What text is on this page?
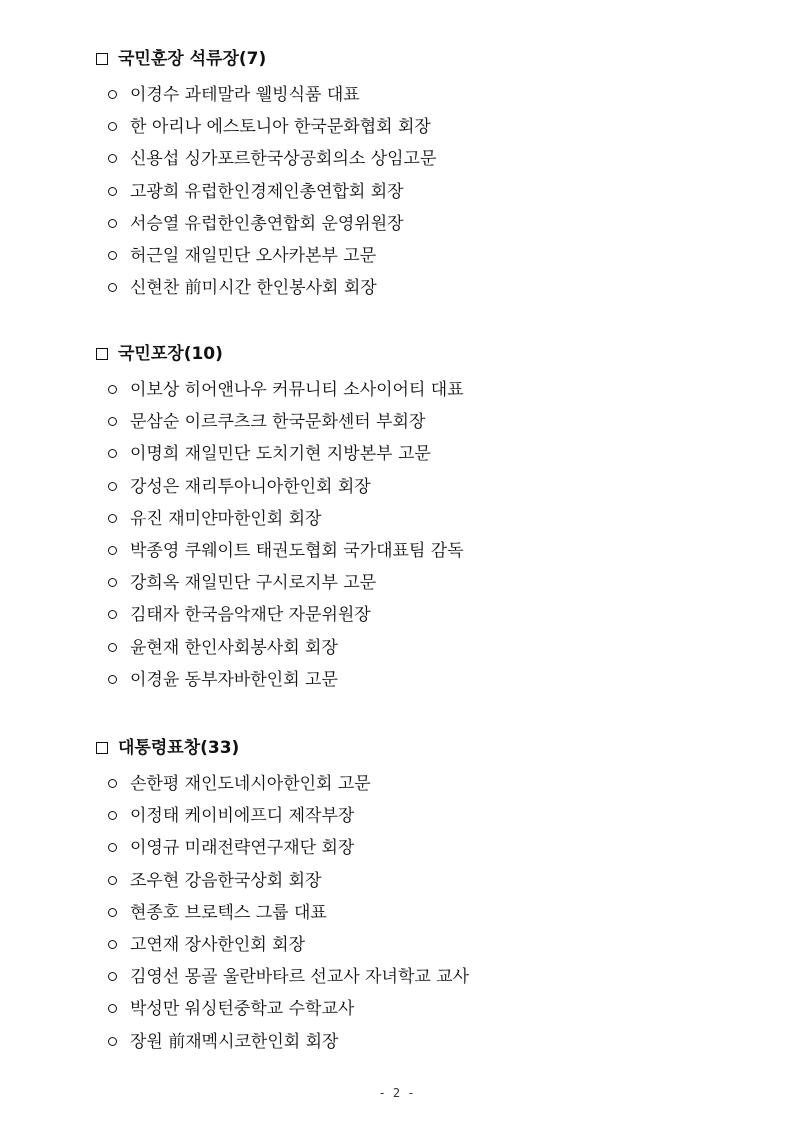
국민훈장 석류장(7)
이경수 과테말라 웰빙식품 대표
한 아리나 에스토니아 한국문화협회 회장
신용섭 싱가포르한국상공회의소 상임고문
고광희 유럽한인경제인총연합회 회장
서승열 유럽한인총연합회 운영위원장
허근일 재일민단 오사카본부 고문
신현찬 前미시간 한인봉사회 회장
국민포장(10)
이보상 히어앤나우 커뮤니티 소사이어티 대표
문삼순 이르쿠츠크 한국문화센터 부회장
이명희 재일민단 도치기현 지방본부 고문
강성은 재리투아니아한인회 회장
유진 재미얀마한인회 회장
박종영 쿠웨이트 태권도협회 국가대표팀 감독
강희옥 재일민단 구시로지부 고문
김태자 한국음악재단 자문위원장
윤현재 한인사회봉사회 회장
이경윤 동부자바한인회 고문
대통령표창(33)
손한평 재인도네시아한인회 고문
이정태 케이비에프디 제작부장
이영규 미래전략연구재단 회장
조우현 강음한국상회 회장
현종호 브로텍스 그룹 대표
고연재 장사한인회 회장
김영선 몽골 울란바타르 선교사 자녀학교 교사
박성만 워싱턴중학교 수학교사
장원 前재멕시코한인회 회장
- 2 -
